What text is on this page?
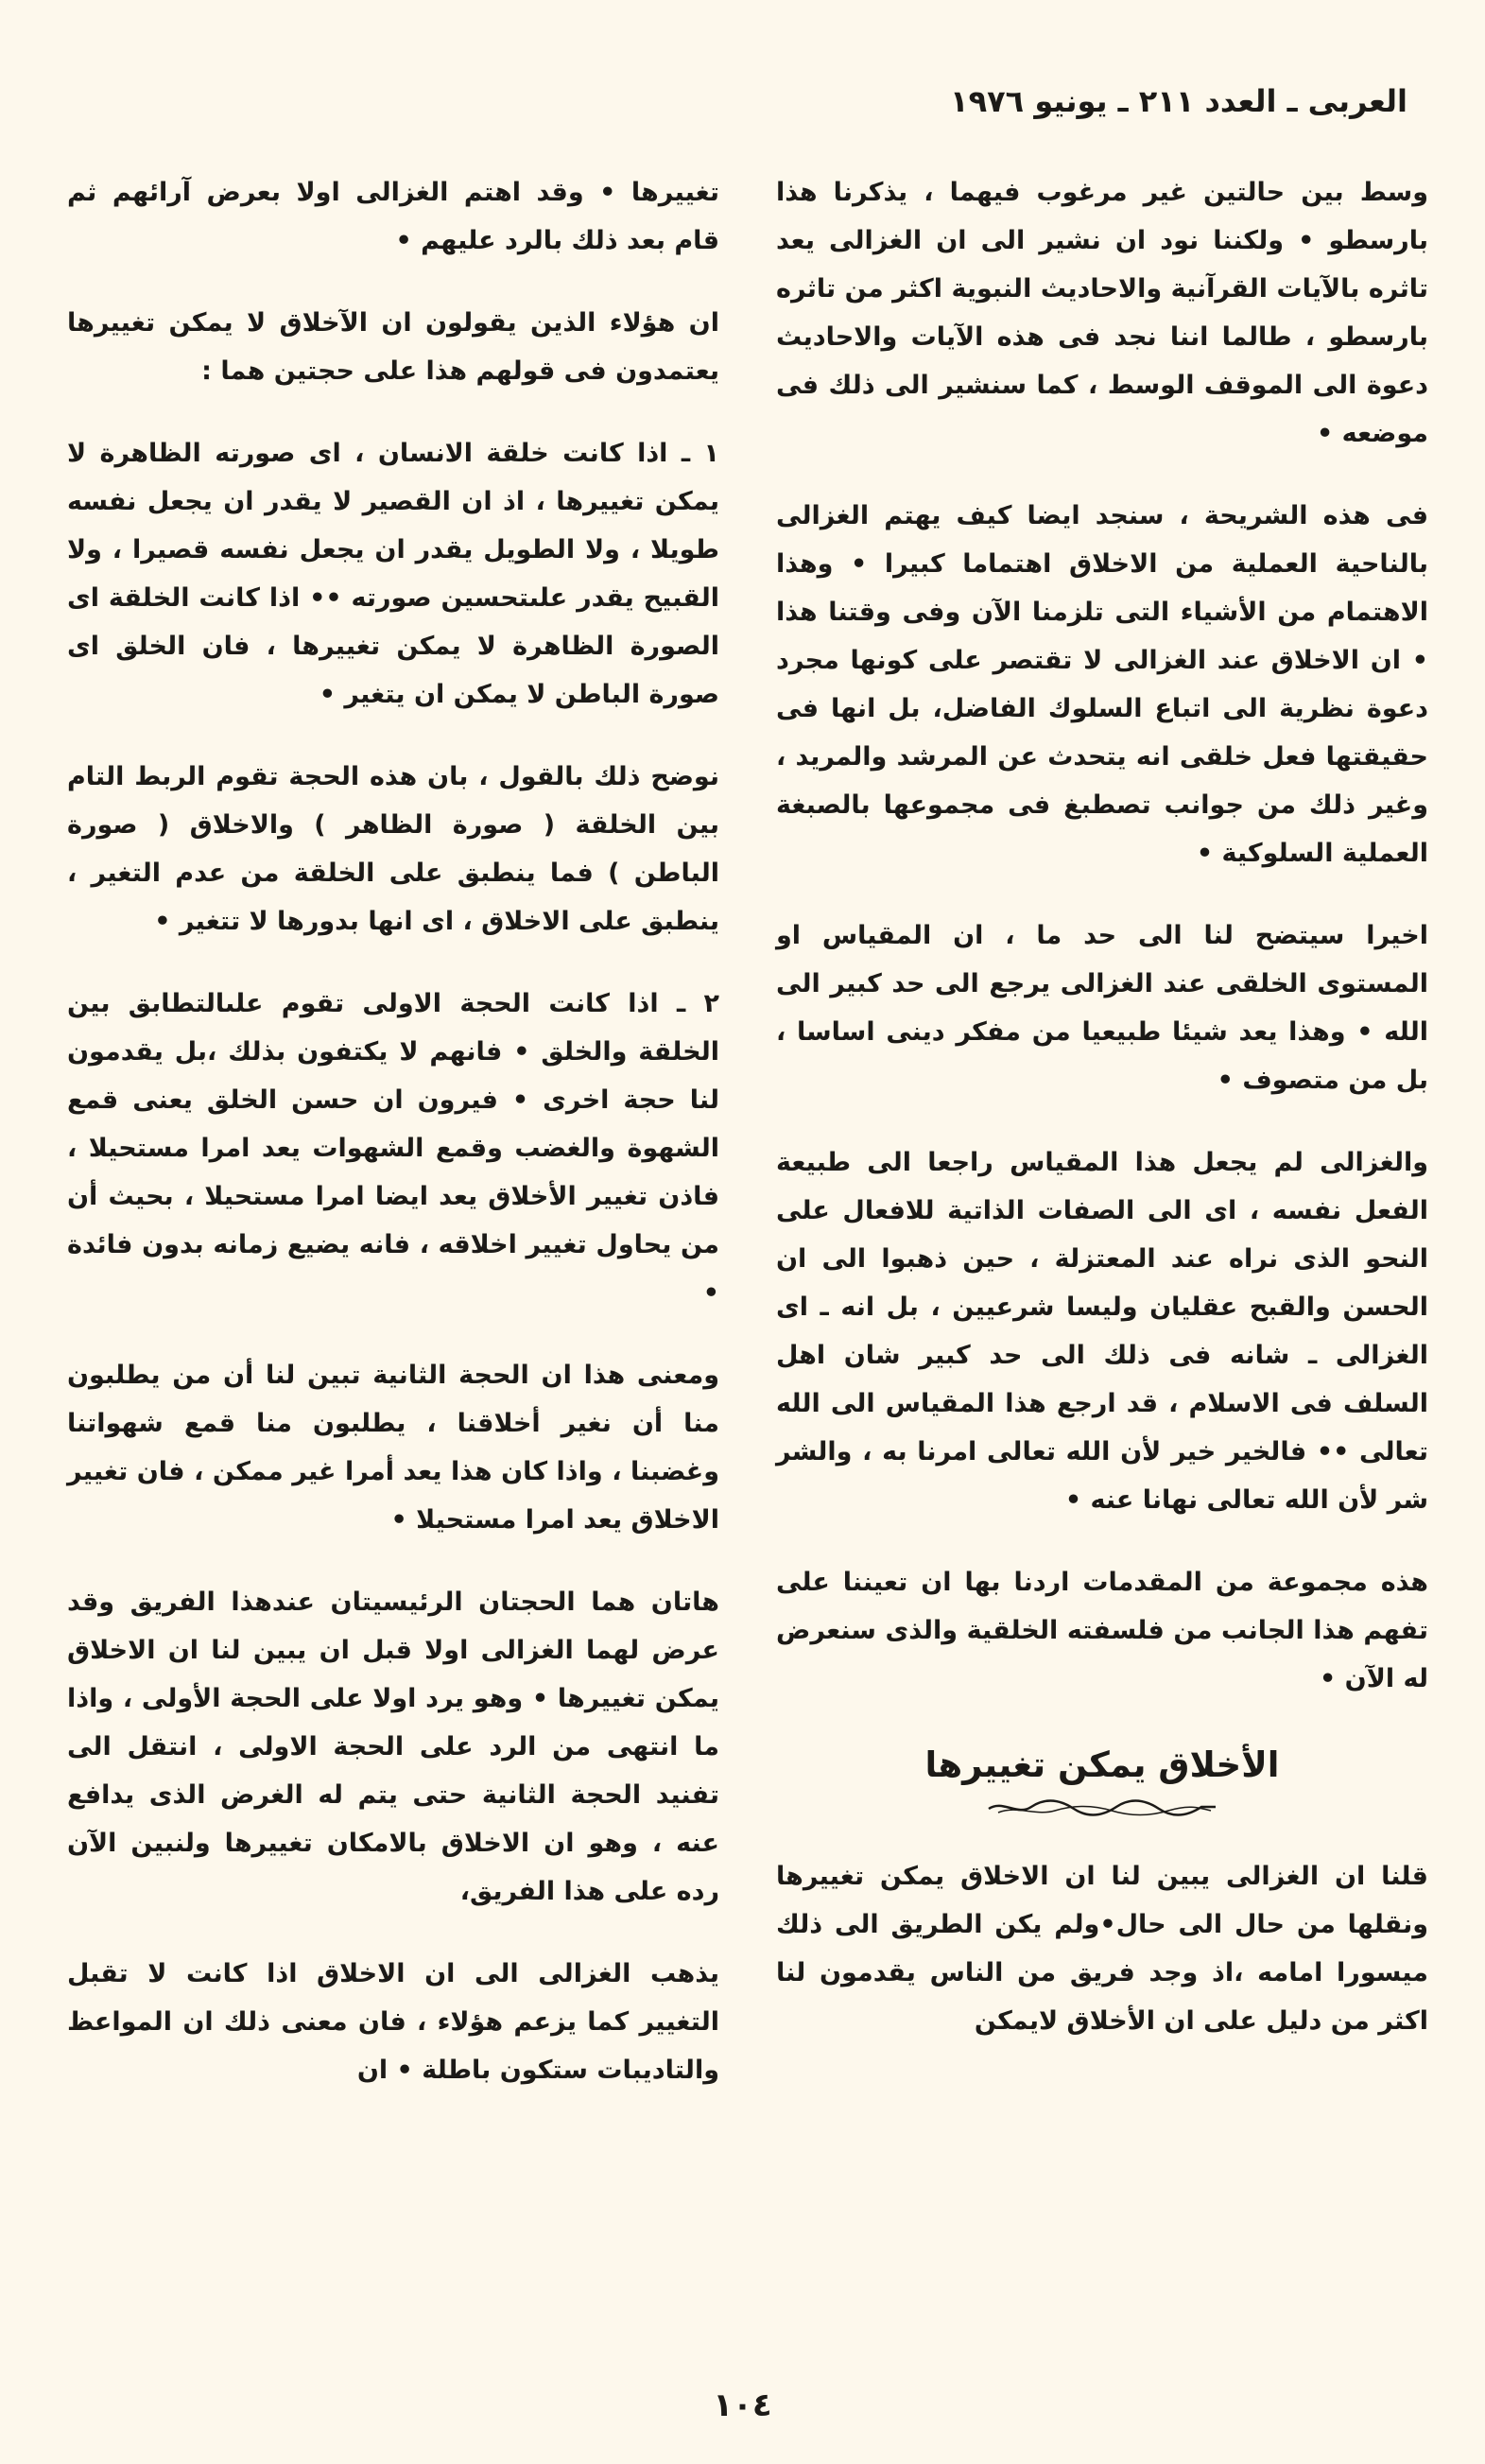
العربى ـ العدد ٢١١ ـ يونيو ١٩٧٦

وسط بين حالتين غير مرغوب فيهما ، يذكرنا هذا بارسطو • ولكننا نود ان نشير الى ان الغزالى يعد تاثره بالآيات القرآنية والاحاديث النبوية اكثر من تاثره بارسطو ، طالما اننا نجد فى هذه الآيات والاحاديث دعوة الى الموقف الوسط ، كما سنشير الى ذلك فى موضعه •

فى هذه الشريحة ، سنجد ايضا كيف يهتم الغزالى بالناحية العملية من الاخلاق اهتماما كبيرا • وهذا الاهتمام من الأشياء التى تلزمنا الآن وفى وقتنا هذا • ان الاخلاق عند الغزالى لا تقتصر على كونها مجرد دعوة نظرية الى اتباع السلوك الفاضل، بل انها فى حقيقتها فعل خلقى انه يتحدث عن المرشد والمريد ، وغير ذلك من جوانب تصطبغ فى مجموعها بالصبغة العملية السلوكية •

اخيرا سيتضح لنا الى حد ما ، ان المقياس او المستوى الخلقى عند الغزالى يرجع الى حد كبير الى الله • وهذا يعد شيئا طبيعيا من مفكر دينى اساسا ، بل من متصوف •

والغزالى لم يجعل هذا المقياس راجعا الى طبيعة الفعل نفسه ، اى الى الصفات الذاتية للافعال على النحو الذى نراه عند المعتزلة ، حين ذهبوا الى ان الحسن والقبح عقليان وليسا شرعيين ، بل انه ـ اى الغزالى ـ شانه فى ذلك الى حد كبير شان اهل السلف فى الاسلام ، قد ارجع هذا المقياس الى الله تعالى •• فالخير خير لأن الله تعالى امرنا به ، والشر شر لأن الله تعالى نهانا عنه •

هذه مجموعة من المقدمات اردنا بها ان تعيننا على تفهم هذا الجانب من فلسفته الخلقية والذى سنعرض له الآن •

الأخلاق يمكن تغييرها

قلنا ان الغزالى يبين لنا ان الاخلاق يمكن تغييرها ونقلها من حال الى حال•ولم يكن الطريق الى ذلك ميسورا امامه ،اذ وجد فريق من الناس يقدمون لنا اكثر من دليل على ان الأخلاق لايمكن

تغييرها • وقد اهتم الغزالى اولا بعرض آرائهم ثم قام بعد ذلك بالرد عليهم •

ان هؤلاء الذين يقولون ان الآخلاق لا يمكن تغييرها يعتمدون فى قولهم هذا على حجتين هما :

١ ـ اذا كانت خلقة الانسان ، اى صورته الظاهرة لا يمكن تغييرها ، اذ ان القصير لا يقدر ان يجعل نفسه طويلا ، ولا الطويل يقدر ان يجعل نفسه قصيرا ، ولا القبيح يقدر علىتحسين صورته •• اذا كانت الخلقة اى الصورة الظاهرة لا يمكن تغييرها ، فان الخلق اى صورة الباطن لا يمكن ان يتغير •

نوضح ذلك بالقول ، بان هذه الحجة تقوم الربط التام بين الخلقة ( صورة الظاهر ) والاخلاق ( صورة الباطن ) فما ينطبق على الخلقة من عدم التغير ، ينطبق على الاخلاق ، اى انها بدورها لا تتغير •

٢ ـ اذا كانت الحجة الاولى تقوم علىالتطابق بين الخلقة والخلق • فانهم لا يكتفون بذلك ،بل يقدمون لنا حجة اخرى • فيرون ان حسن الخلق يعنى قمع الشهوة والغضب وقمع الشهوات يعد امرا مستحيلا ، فاذن تغيير الأخلاق يعد ايضا امرا مستحيلا ، بحيث أن من يحاول تغيير اخلاقه ، فانه يضيع زمانه بدون فائدة •

ومعنى هذا ان الحجة الثانية تبين لنا أن من يطلبون منا أن نغير أخلاقنا ، يطلبون منا قمع شهواتنا وغضبنا ، واذا كان هذا يعد أمرا غير ممكن ، فان تغيير الاخلاق يعد امرا مستحيلا •

هاتان هما الحجتان الرئيسيتان عندهذا الفريق وقد عرض لهما الغزالى اولا قبل ان يبين لنا ان الاخلاق يمكن تغييرها • وهو يرد اولا على الحجة الأولى ، واذا ما انتهى من الرد على الحجة الاولى ، انتقل الى تفنيد الحجة الثانية حتى يتم له الغرض الذى يدافع عنه ، وهو ان الاخلاق بالامكان تغييرها ولنبين الآن رده على هذا الفريق،

يذهب الغزالى الى ان الاخلاق اذا كانت لا تقبل التغيير كما يزعم هؤلاء ، فان معنى ذلك ان المواعظ والتاديبات ستكون باطلة • ان

١٠٤
